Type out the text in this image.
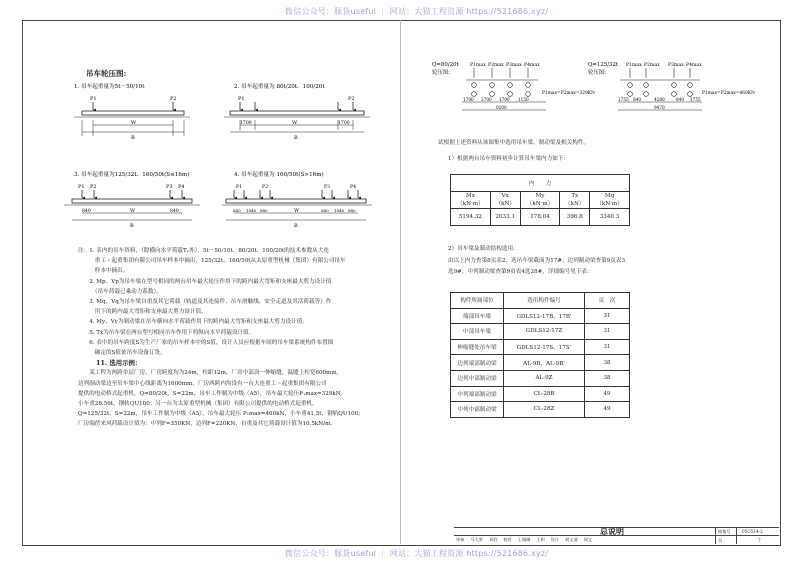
微信公众号：豚货useful ｜ 网站：大猫工程资源 https://521686.xyz/
微信公众号：豚货useful ｜ 网站：大猫工程资源 https://521686.xyz/
吊车轮压图:
1. 吊车起重量为5t－50/10t
P1	P2
W
B
2. 吊车起重量为 80t/20t、100/20t
P1	P2
1700	W	1700
B
3. 吊车起重量为125/32t、160/50t(S≤16m)
P1 P2	P3 P4
840	W	840
B
4. 吊车起重量为 160/50t(S>16m)
P1	P2	P3	P4
840 1840 840	W	840 1840 840
B
注：1. 表内的吊车资料，（除横向水平荷载T₁外），5t－50/10t、80/20t、100/20t的技术参数从大连
　　　重工・起重集团有限公司吊车样本中摘出，125/32t、160/50t从太原重型机械（集团）有限公司吊车
　　　样本中摘出。
　　2. Mp、Vp为吊车梁在型号相同的两台吊车最大轮压作用下的跨内最大弯矩和支座最大剪力设计值
　　　（吊车荷载已乘动力系数）。
　　3. Mq、Vq为吊车梁自重及其它荷载（轨道及其连接件、吊车滑触线、安全走道及其活荷载等）作
　　　用下的跨内最大弯矩和支座最大剪力设计值。
　　4. My、Vy为制动梁在吊车横向水平荷载作用下的跨内最大弯矩和支座最大剪力设计值。
　　5. Tx为吊车梁在两台型号相同吊车作用下的纵向水平荷载设计值。
　　6. 表中的吊车跨度S为生产厂家的吊车样本中的S值，设计人员应根据车间的吊车梁系统构件布置图
　　　确定的S值依吊车设备订货。
11. 选用示例：
　　某工程为两跨单层厂房，厂房跨度均为24m，柱距12m，厂房中部设一伸缩缝，温缝上柱宽600mm,
边列制动梁边至吊车梁中心线距离为1600mm。厂房两跨内均设有一台大连重工・起重集团有限公司
提供的电动桥式起重机，Q=80/20t，S=22m，吊车工作制为中级（A5），吊车最大轮压P₁max=329kN,
小车重28.56t，钢轨QU100；另一台为太原重型机械（集团）有限公司提供的电动桥式起重机，
Q=125/32t，S=22m，吊车工作制为中级（A5），吊车最大轮压 P₁max=460kN，小车重41.5t，钢轨QU100;
厂房端傍来风荷载设计值为：中列F=350KN，边列F=220KN，自重及其它荷载设计值为10.5kN/m。
Q=80/20t
轮压图:
P1max P2max P3max P4max
1700 2700 1700 1150
9200
P1max=P2max=329KN
Q=125/32t
轮压图:
P1max P2max P3max P4max
1755 840	4280	840 1755
9470
P1max=P2max=460KN
试根据上述资料从该图集中选用吊车梁、制动梁及相关构件。
1）根据两台吊车资料初步计算吊车梁内力如下：
内　　力				
Mx
（kN·m）	Vx
（kN）	My
（kN·m）	Tx
（kN）	Mq
（kN·m）
5194.32	2033.1	178.04	396.8	3340.3
2）吊车梁及制动结构选用：
由以上内力查第8页表2，选吊车梁截面为17#；边列制动梁查第9页表3
选9#，中列制动梁查第9页表4选28#，详细编号见下表：
构件所属部位	选用构件编号	页　次
端部吊车梁	GDLS12-17B、17B'	31
中部吊车梁	GDLS12-17Z	31
伸缩缝处吊车梁	GDLS12-17S、17S'	31
边列端部制动梁	AL-9B、AL-9B'	38
边列中部制动梁	AL-9Z	38
中列端部制动梁	CL-28B	49
中列中部制动梁	CL-28Z	49
总说明	图集号	05G514-2
审核 马大荣 邓伯 校对 王瑞琳 王和 设计 胡文清 胡文	页	7
